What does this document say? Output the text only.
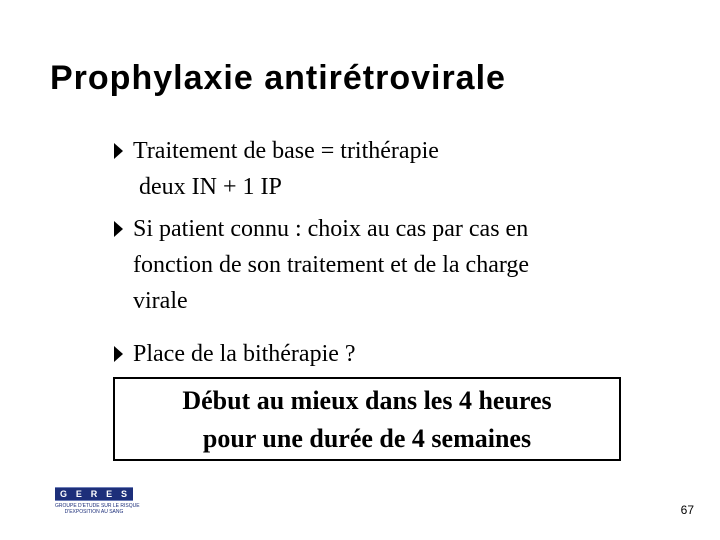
Prophylaxie antirétrovirale
Traitement de base = trithérapie
deux IN + 1 IP
Si patient connu : choix au cas par cas en
fonction de son traitement et de la charge
virale
Place de la bithérapie ?
Début au mieux dans les 4 heures
pour une durée de 4 semaines
G E R E S
GROUPE D'ETUDE SUR LE RISQUE
D'EXPOSITION AU SANG	67
